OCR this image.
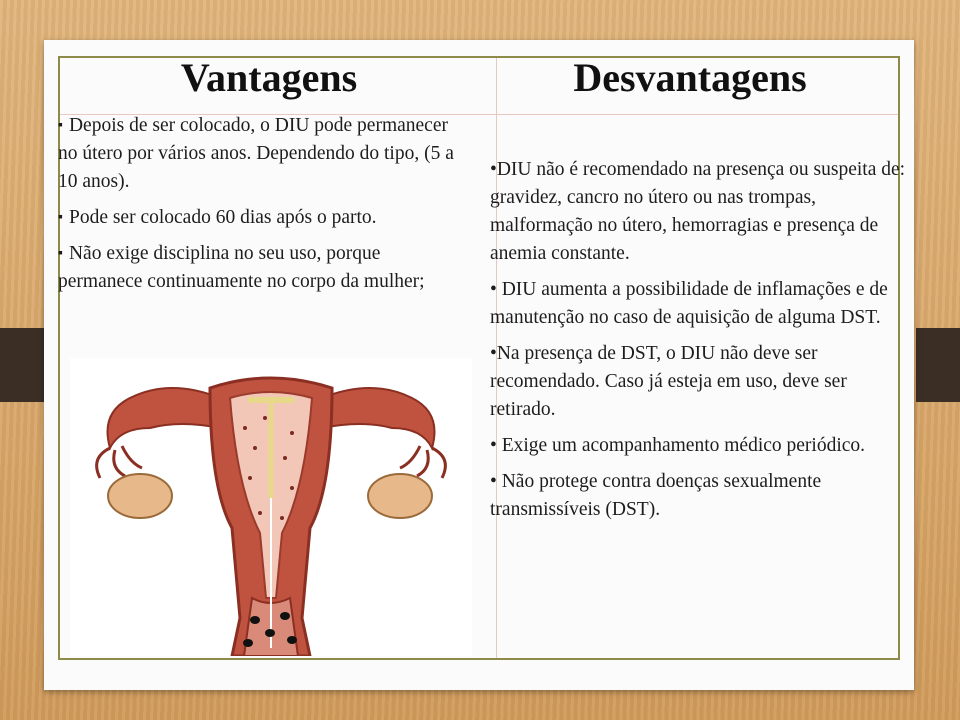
Vantagens	Desvantagens

▪ Depois de ser colocado, o DIU pode permanecer no útero por vários anos. Dependendo do tipo, (5 a 10 anos).

▪ Pode ser colocado 60 dias após o parto.

▪ Não exige disciplina no seu uso, porque permanece continuamente no corpo da mulher;

•DIU não é recomendado na presença ou suspeita de: gravidez, cancro no útero ou nas trompas, malformação no útero, hemorragias e presença de anemia constante.

• DIU aumenta a possibilidade de inflamações e de manutenção no caso de aquisição de alguma DST.

•Na presença de DST, o DIU não deve ser recomendado. Caso já esteja em uso, deve ser retirado.

• Exige um acompanhamento médico periódico.

• Não protege contra doenças sexualmente transmissíveis (DST).
